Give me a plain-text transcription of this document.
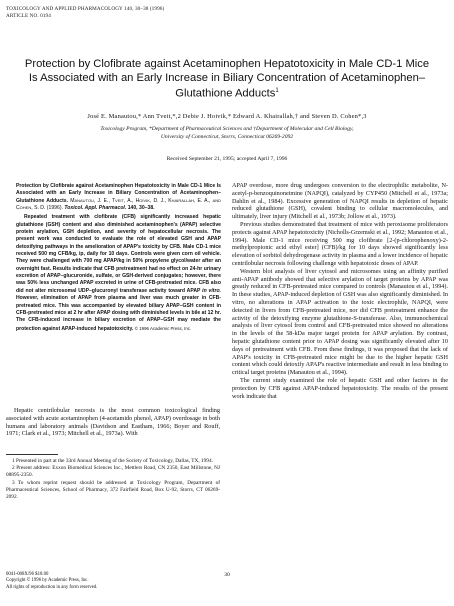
TOXICOLOGY AND APPLIED PHARMACOLOGY 140, 30–38 (1996)
ARTICLE NO. 0194
Protection by Clofibrate against Acetaminophen Hepatotoxicity in Male CD-1 Mice Is Associated with an Early Increase in Biliary Concentration of Acetaminophen–Glutathione Adducts$^1$
José E. Manautou,* Ann Tveit,*,2 Debie J. Hoivik,* Edward A. Khairallah,† and Steven D. Cohen*,3
Toxicology Program, *Department of Pharmaceutical Sciences and †Department of Molecular and Cell Biology,
University of Connecticut, Storrs, Connecticut 06269-2092
Received September 21, 1995; accepted April 7, 1996

Protection by Clofibrate against Acetaminophen Hepatotoxicity in Male CD-1 Mice Is Associated with an Early Increase in Biliary Concentration of Acetaminophen–Glutathione Adducts. Manautou, J. E., Tveit, A., Hoivik, D. J., Khairallah, E. A., and Cohen, S. D. (1996). Toxicol. Appl. Pharmacol. 140, 30–38.

Repeated treatment with clofibrate (CFB) significantly increased hepatic glutathione (GSH) content and also diminished acetaminophen's (APAP) selective protein arylation, GSH depletion, and severity of hepatocellular necrosis. The present work was conducted to evaluate the role of elevated GSH and APAP detoxifying pathways in the amelioration of APAP's toxicity by CFB. Male CD-1 mice received 500 mg CFB/kg, ip, daily for 10 days. Controls were given corn oil vehicle. They were challenged with 700 mg APAP/kg in 50% propylene glycol/water after an overnight fast. Results indicate that CFB pretreatment had no effect on 24-hr urinary excretion of APAP–glucuronide, sulfate, or GSH-derived conjugates; however, there was 50% less unchanged APAP excreted in urine of CFB-pretreated mice. CFB also did not alter microsomal UDP–glucuronyl transferase activity toward APAP in vitro. However, elimination of APAP from plasma and liver was much greater in CFB-pretreated mice. This was accompanied by elevated biliary APAP–GSH content in CFB-pretreated mice at 2 hr after APAP dosing with diminished levels in bile at 12 hr. The CFB-induced increase in biliary excretion of APAP–GSH may mediate the protection against APAP-induced hepatotoxicity. © 1996 Academic Press, Inc.

Hepatic centrilobular necrosis is the most common toxicological finding associated with acute acetaminophen (4-acetamido phenol, APAP) overdosage in both humans and laboratory animals (Davidson and Eastham, 1966; Boyer and Rouff, 1971; Clark et al., 1973; Mitchell et al., 1973a). With

1 Presented in part at the 33rd Annual Meeting of the Society of Toxicology, Dallas, TX, 1994.

2 Present address: Exxon Biomedical Sciences Inc., Mettlers Road, CN 2350, East Millstone, NJ 08895-2350.

3 To whom reprint request should be addressed at Toxicology Program, Department of Pharmaceutical Sciences, School of Pharmacy, 372 Fairfield Road, Box U-92, Storrs, CT 06269-2092.

0041-008X/96 $18.00
Copyright © 1996 by Academic Press, Inc.
All rights of reproduction in any form reserved.
30

APAP overdose, more drug undergoes conversion to the electrophilic metabolite, N-acetyl-p-benzoquinoneimine (NAPQI), catalyzed by CYP450 (Mitchell et al., 1973a; Dahlin et al., 1984). Excessive generation of NAPQI results in depletion of hepatic reduced glutathione (GSH), covalent binding to cellular macromolecules, and ultimately, liver injury (Mitchell et al., 1973b; Jollow et al., 1973).

Previous studies demonstrated that treatment of mice with peroxisome proliferators protects against APAP hepatotoxicity (Nicholls-Grzemski et al., 1992; Manautou et al., 1994). Male CD-1 mice receiving 500 mg clofibrate [2-(p-chlorophenoxy)-2-methylpropionic acid ethyl ester] (CFB)/kg for 10 days showed significantly less elevation of sorbitol dehydrogenase activity in plasma and a lower incidence of hepatic centrilobular necrosis following challenge with hepatotoxic doses of APAP.

Western blot analysis of liver cytosol and microsomes using an affinity purified anti-APAP antibody showed that selective arylation of target proteins by APAP was greatly reduced in CFB-pretreated mice compared to controls (Manautou et al., 1994). In these studies, APAP-induced depletion of GSH was also significantly diminished. In vitro, no alterations in APAP activation to the toxic electrophile, NAPQI, were detected in livers from CFB-pretreated mice, nor did CFB pretreatment enhance the activity of the detoxifying enzyme glutathione-S-transferase. Also, immunochemical analysis of liver cytosol from control and CFB-pretreated mice showed no alterations in the levels of the 58-kDa major target protein for APAP arylation. By contrast, hepatic glutathione content prior to APAP dosing was significantly elevated after 10 days of pretreatment with CFB. From these findings, it was proposed that the lack of APAP's toxicity in CFB-pretreated mice might be due to the higher hepatic GSH content which could detoxify APAP's reactive intermediate and result in less binding to critical target proteins (Manautou et al., 1994).

The current study examined the role of hepatic GSH and other factors in the protection by CFB against APAP-induced hepatotoxicity. The results of the present work indicate that
